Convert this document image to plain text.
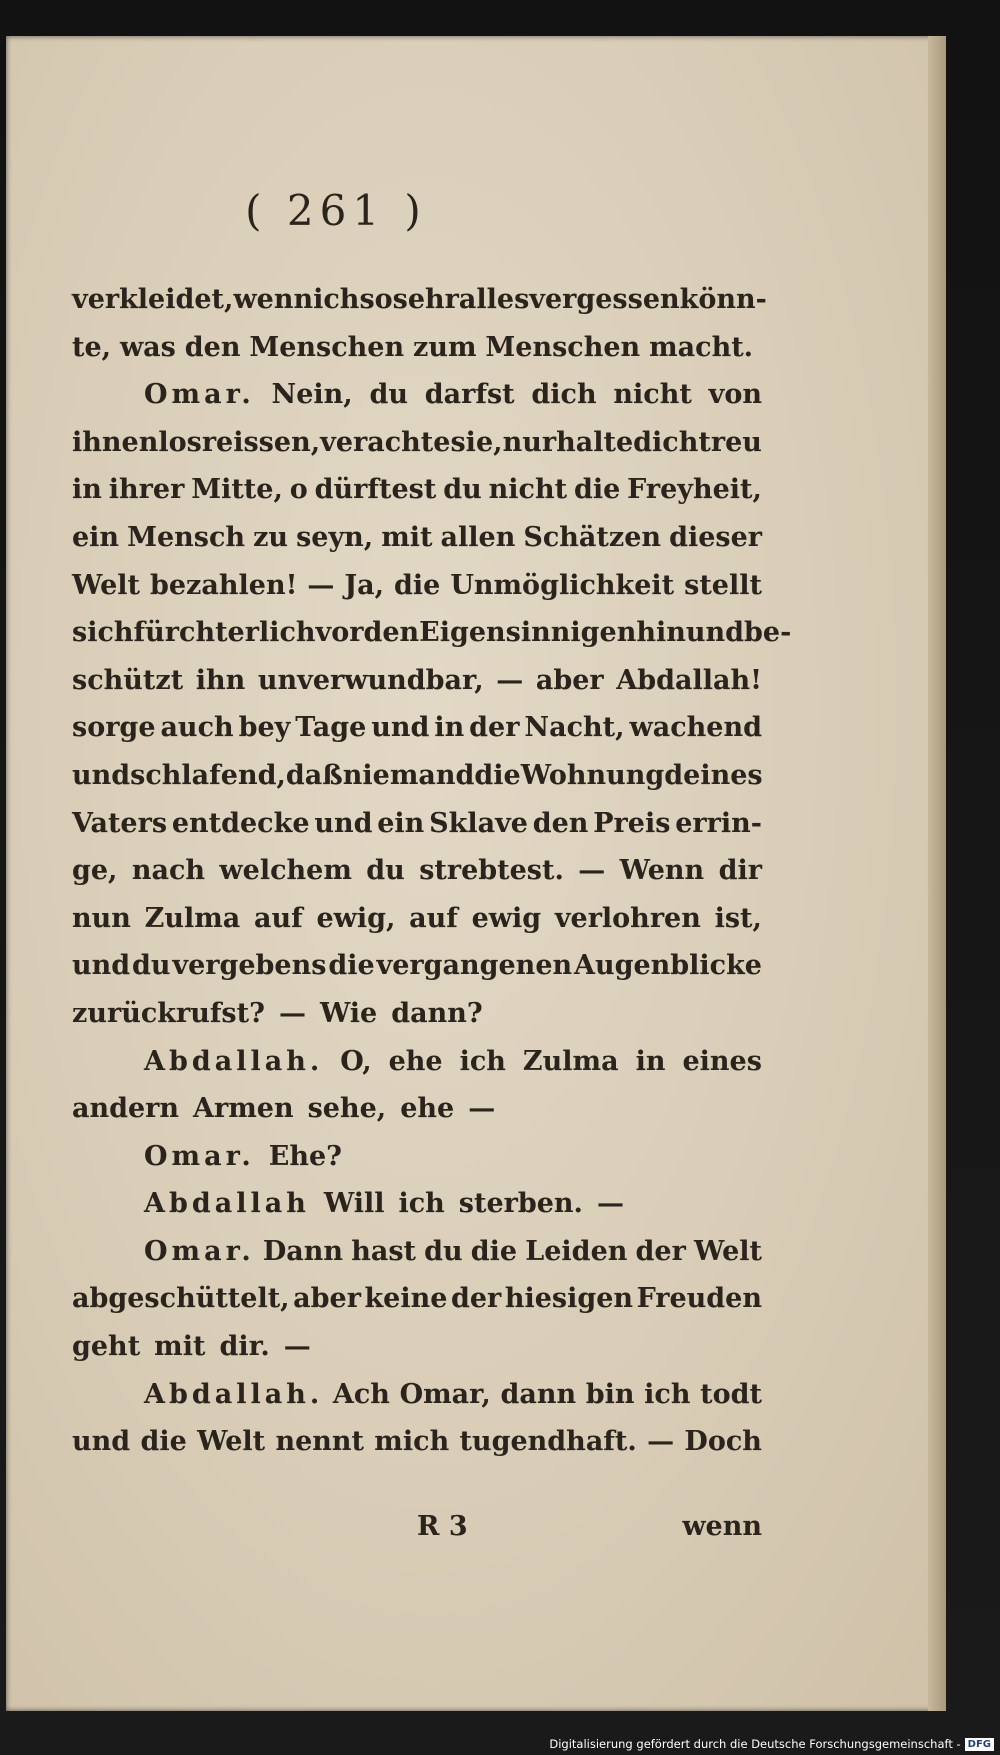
( 261 )
verkleidet, wenn ich so sehr alles vergessen könn-
te, was den Menschen zum Menschen macht.
Omar. Nein, du darfst dich nicht von
ihnen losreissen, verachte sie, nur halte dich treu
in ihrer Mitte, o dürftest du nicht die Freyheit,
ein Mensch zu seyn, mit allen Schätzen dieser
Welt bezahlen! — Ja, die Unmöglichkeit stellt
sich fürchterlich vor den Eigensinnigen hin und be-
schützt ihn unverwundbar, — aber Abdallah!
sorge auch bey Tage und in der Nacht, wachend
und schlafend, daß niemand die Wohnung deines
Vaters entdecke und ein Sklave den Preis errin-
ge, nach welchem du strebtest. — Wenn dir
nun Zulma auf ewig, auf ewig verlohren ist,
und du vergebens die vergangenen Augenblicke
zurückrufst? — Wie dann?
Abdallah. O, ehe ich Zulma in eines
andern Armen sehe, ehe —
Omar. Ehe?
Abdallah Will ich sterben. —
Omar. Dann hast du die Leiden der Welt
abgeschüttelt, aber keine der hiesigen Freuden
geht mit dir. —
Abdallah. Ach Omar, dann bin ich todt
und die Welt nennt mich tugendhaft. — Doch
R 3	wenn
Digitalisierung gefördert durch die Deutsche Forschungsgemeinschaft - DFG
